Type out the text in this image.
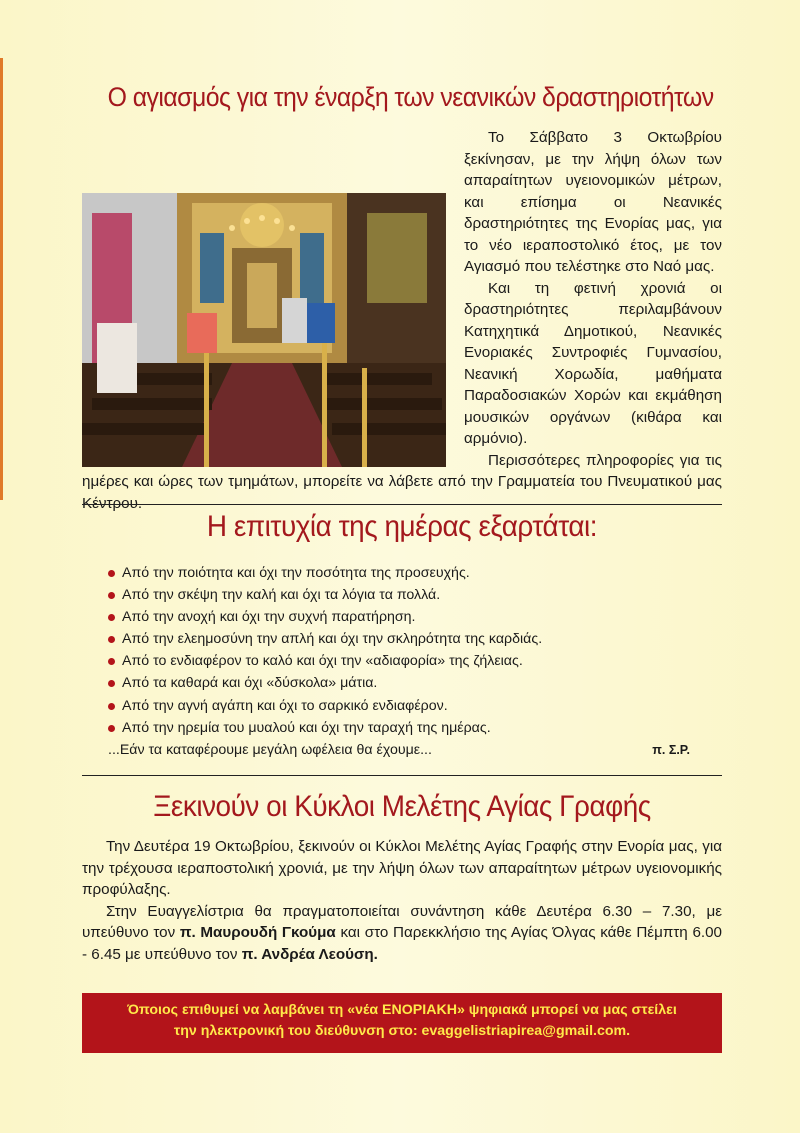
Ο αγιασμός για την έναρξη των νεανικών δραστηριοτήτων

Το Σάββατο 3 Οκτωβρίου ξεκίνησαν, με την λήψη όλων των απαραίτητων υγειονομικών μέτρων, και επίσημα οι Νεανικές δραστηριότητες της Ενορίας μας, για το νέο ιεραποστολικό έτος, με τον Αγιασμό που τελέστηκε στο Ναό μας.

Και τη φετινή χρονιά οι δραστηριότητες περιλαμβάνουν Κατηχητικά Δημοτικού, Νεανικές Ενοριακές Συντροφιές Γυμνασίου, Νεανική Χορωδία, μαθήματα Παραδοσιακών Χορών και εκμάθηση μουσικών οργάνων (κιθάρα και αρμόνιο).

Περισσότερες πληροφορίες για τις ημέρες και ώρες των τμημάτων, μπορείτε να λάβετε από την Γραμματεία του Πνευματικού μας Κέντρου.

Η επιτυχία της ημέρας εξαρτάται:
Από την ποιότητα και όχι την ποσότητα της προσευχής.
Από την σκέψη την καλή και όχι τα λόγια τα πολλά.
Από την ανοχή και όχι την συχνή παρατήρηση.
Από την ελεημοσύνη την απλή και όχι την σκληρότητα της καρδιάς.
Από το ενδιαφέρον το καλό και όχι την «αδιαφορία» της ζήλειας.
Από τα καθαρά και όχι «δύσκολα» μάτια.
Από την αγνή αγάπη και όχι το σαρκικό ενδιαφέρον.
Από την ηρεμία του μυαλού και όχι την ταραχή της ημέρας.
...Εάν τα καταφέρουμε μεγάλη ωφέλεια θα έχουμε...	π. Σ.Ρ.
Ξεκινούν οι Κύκλοι Μελέτης Αγίας Γραφής

Την Δευτέρα 19 Οκτωβρίου, ξεκινούν οι Κύκλοι Μελέτης Αγίας Γραφής στην Ενορία μας, για την τρέχουσα ιεραποστολική χρονιά, με την λήψη όλων των απαραίτητων μέτρων υγειονομικής προφύλαξης.

Στην Ευαγγελίστρια θα πραγματοποιείται συνάντηση κάθε Δευτέρα 6.30 – 7.30, με υπεύθυνο τον π. Μαυρουδή Γκούμα και στο Παρεκκλήσιο της Αγίας Όλγας κάθε Πέμπτη 6.00 - 6.45 με υπεύθυνο τον π. Ανδρέα Λεούση.

Όποιος επιθυμεί να λαμβάνει τη «νέα ΕΝΟΡΙΑΚΗ» ψηφιακά μπορεί να μας στείλει
την ηλεκτρονική του διεύθυνση στο: evaggelistriapirea@gmail.com.
